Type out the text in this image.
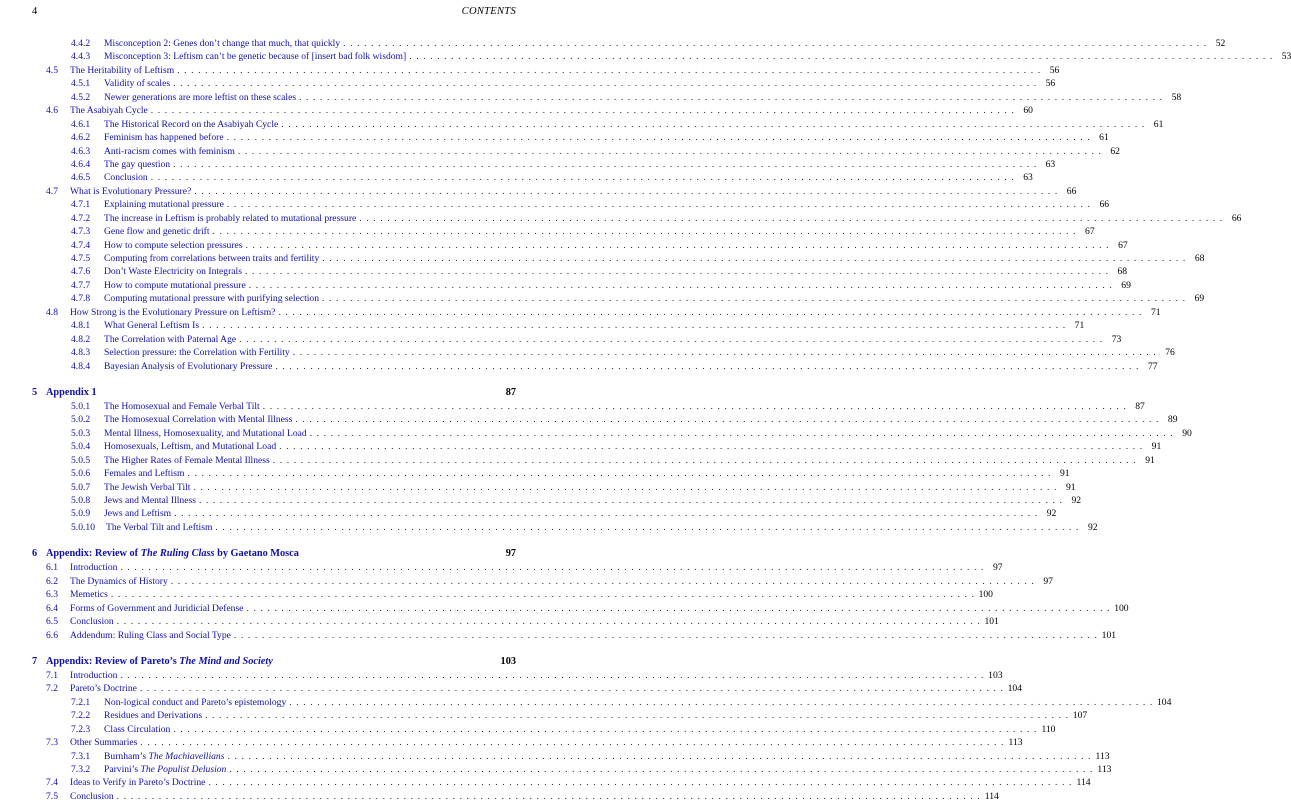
4	CONTENTS
4.4.2 Misconception 2: Genes don’t change that much, that quickly . . .	52
4.4.3 Misconception 3: Leftism can’t be genetic because of [insert bad folk wisdom] . . .	53
4.5 The Heritability of Leftism . . .	56
4.5.1 Validity of scales . . .	56
4.5.2 Newer generations are more leftist on these scales . . .	58
4.6 The Asabiyah Cycle . . .	60
4.6.1 The Historical Record on the Asabiyah Cycle . . .	61
4.6.2 Feminism has happened before . . .	61
4.6.3 Anti-racism comes with feminism . . .	62
4.6.4 The gay question . . .	63
4.6.5 Conclusion . . .	63
4.7 What is Evolutionary Pressure? . . .	66
4.7.1 Explaining mutational pressure . . .	66
4.7.2 The increase in Leftism is probably related to mutational pressure . . .	66
4.7.3 Gene flow and genetic drift . . .	67
4.7.4 How to compute selection pressures . . .	67
4.7.5 Computing from correlations between traits and fertility . . .	68
4.7.6 Don’t Waste Electricity on Integrals . . .	68
4.7.7 How to compute mutational pressure . . .	69
4.7.8 Computing mutational pressure with purifying selection . . .	69
4.8 How Strong is the Evolutionary Pressure on Leftism? . . .	71
4.8.1 What General Leftism Is . . .	71
4.8.2 The Correlation with Paternal Age . . .	73
4.8.3 Selection pressure: the Correlation with Fertility . . .	76
4.8.4 Bayesian Analysis of Evolutionary Pressure . . .	77
5 Appendix 1	87
5.0.1 The Homosexual and Female Verbal Tilt . . .	87
5.0.2 The Homosexual Correlation with Mental Illness . . .	89
5.0.3 Mental Illness, Homosexuality, and Mutational Load . . .	90
5.0.4 Homosexuals, Leftism, and Mutational Load . . .	91
5.0.5 The Higher Rates of Female Mental Illness . . .	91
5.0.6 Females and Leftism . . .	91
5.0.7 The Jewish Verbal Tilt . . .	91
5.0.8 Jews and Mental Illness . . .	92
5.0.9 Jews and Leftism . . .	92
5.0.10 The Verbal Tilt and Leftism . . .	92
6 Appendix: Review of The Ruling Class by Gaetano Mosca	97
6.1 Introduction . . .	97
6.2 The Dynamics of History . . .	97
6.3 Memetics . . .	100
6.4 Forms of Government and Juridicial Defense . . .	100
6.5 Conclusion . . .	101
6.6 Addendum: Ruling Class and Social Type . . .	101
7 Appendix: Review of Pareto’s The Mind and Society	103
7.1 Introduction . . .	103
7.2 Pareto’s Doctrine . . .	104
7.2.1 Non-logical conduct and Pareto’s epistemology . . .	104
7.2.2 Residues and Derivations . . .	107
7.2.3 Class Circulation . . .	110
7.3 Other Summaries . . .	113
7.3.1 Burnham’s The Machiavellians . . .	113
7.3.2 Parvini’s The Populist Delusion . . .	113
7.4 Ideas to Verify in Pareto’s Doctrine . . .	114
7.5 Conclusion . . .	114
